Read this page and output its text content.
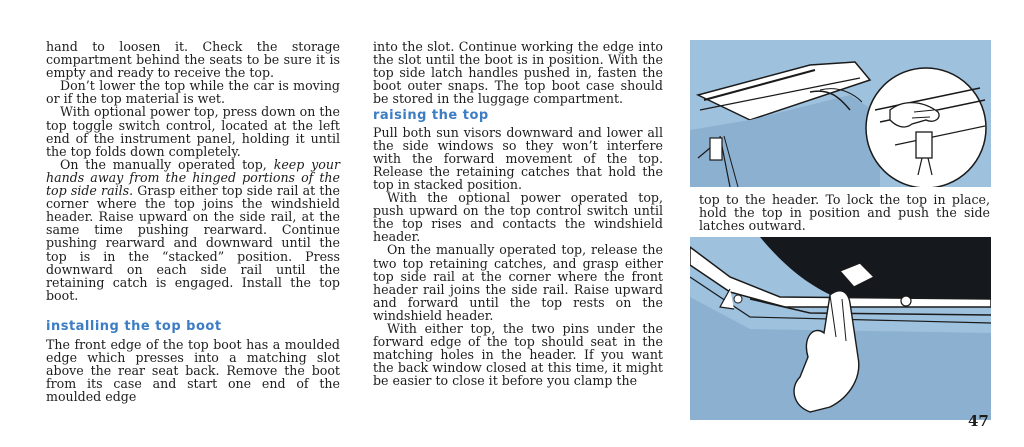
hand to loosen it. Check the storage compartment behind the seats to be sure it is empty and ready to receive the top.

Don’t lower the top while the car is moving or if the top material is wet.

With optional power top, press down on the top toggle switch control, located at the left end of the instrument panel, holding it until the top folds down completely.

On the manually operated top, keep your hands away from the hinged portions of the top side rails. Grasp either top side rail at the corner where the top joins the windshield header. Raise upward on the side rail, at the same time pushing rearward. Continue pushing rearward and downward until the top is in the “stacked” position. Press downward on each side rail until the retaining catch is engaged. Install the top boot.

installing the top boot

The front edge of the top boot has a moulded edge which presses into a matching slot above the rear seat back. Remove the boot from its case and start one end of the moulded edge

into the slot. Continue working the edge into the slot until the boot is in position. With the top side latch handles pushed in, fasten the boot outer snaps. The top boot case should be stored in the luggage compartment.

raising the top

Pull both sun visors downward and lower all the side windows so they won’t interfere with the forward movement of the top. Release the retaining catches that hold the top in stacked position.

With the optional power operated top, push upward on the top control switch until the top rises and contacts the windshield header.

On the manually operated top, release the two top retaining catches, and grasp either top side rail at the corner where the front header rail joins the side rail. Raise upward and forward until the top rests on the windshield header.

With either top, the two pins under the forward edge of the top should seat in the matching holes in the header. If you want the back window closed at this time, it might be easier to close it before you clamp the

top to the header. To lock the top in place, hold the top in position and push the side latches outward.

47
